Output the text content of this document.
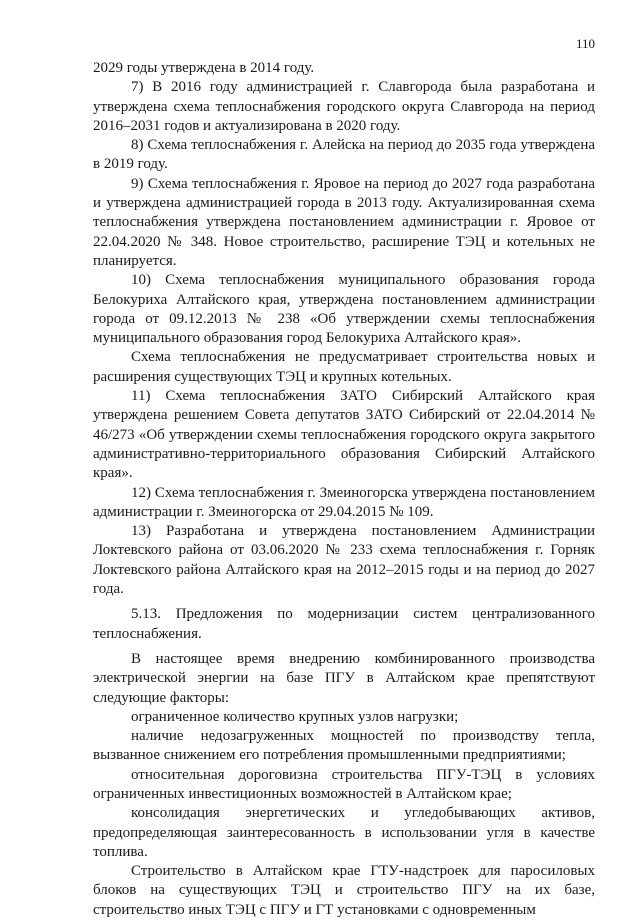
110

2029 годы утверждена в 2014 году.

7) В 2016 году администрацией г. Славгорода была разработана и утверждена схема теплоснабжения городского округа Славгорода на период 2016–2031 годов и актуализирована в 2020 году.

8) Схема теплоснабжения г. Алейска на период до 2035 года утверждена в 2019 году.

9) Схема теплоснабжения г. Яровое на период до 2027 года разработана и утверждена администрацией города в 2013 году. Актуализированная схема теплоснабжения утверждена постановлением администрации г. Яровое от 22.04.2020 № 348. Новое строительство, расширение ТЭЦ и котельных не планируется.

10) Схема теплоснабжения муниципального образования города Белокуриха Алтайского края, утверждена постановлением администрации города от 09.12.2013 № 238 «Об утверждении схемы теплоснабжения муниципального образования город Белокуриха Алтайского края».

Схема теплоснабжения не предусматривает строительства новых и расширения существующих ТЭЦ и крупных котельных.

11) Схема теплоснабжения ЗАТО Сибирский Алтайского края утверждена решением Совета депутатов ЗАТО Сибирский от 22.04.2014 № 46/273 «Об утверждении схемы теплоснабжения городского округа закрытого административно-территориального образования Сибирский Алтайского края».

12) Схема теплоснабжения г. Змеиногорска утверждена постановлением администрации г. Змеиногорска от 29.04.2015 № 109.

13) Разработана и утверждена постановлением Администрации Локтевского района от 03.06.2020 № 233 схема теплоснабжения г. Горняк Локтевского района Алтайского края на 2012–2015 годы и на период до 2027 года.

5.13. Предложения по модернизации систем централизованного теплоснабжения.

В настоящее время внедрению комбинированного производства электрической энергии на базе ПГУ в Алтайском крае препятствуют следующие факторы:

ограниченное количество крупных узлов нагрузки;

наличие недозагруженных мощностей по производству тепла, вызванное снижением его потребления промышленными предприятиями;

относительная дороговизна строительства ПГУ-ТЭЦ в условиях ограниченных инвестиционных возможностей в Алтайском крае;

консолидация энергетических и угледобывающих активов, предопределяющая заинтересованность в использовании угля в качестве топлива.

Строительство в Алтайском крае ГТУ-надстроек для паросиловых блоков на существующих ТЭЦ и строительство ПГУ на их базе, строительство иных ТЭЦ с ПГУ и ГТ установками с одновременным
